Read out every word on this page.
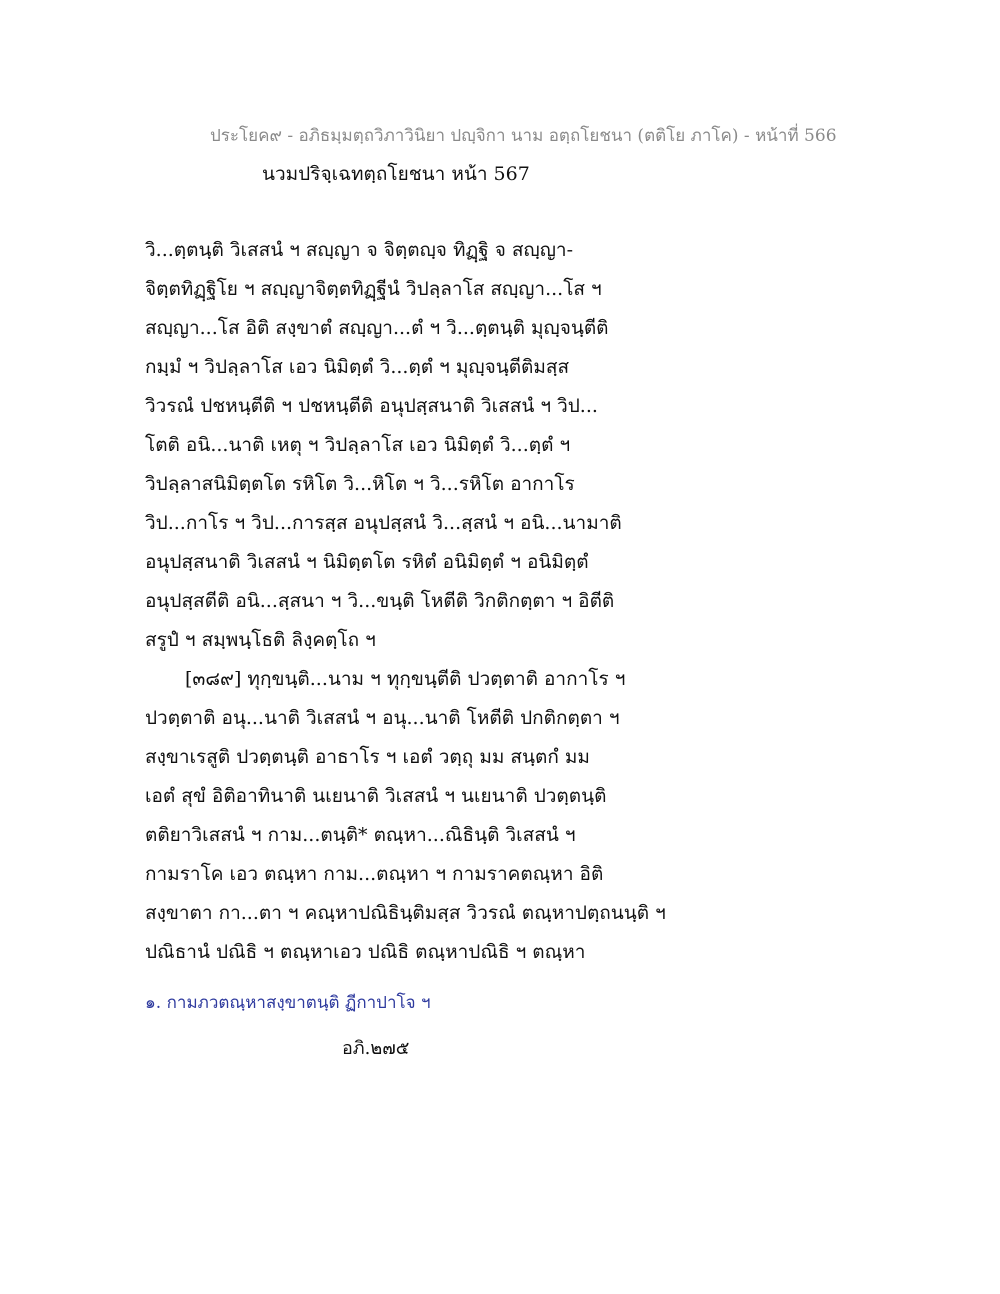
ประโยค๙ - อภิธมฺมตฺถวิภาวินิยา ปญฺจิกา นาม อตฺถโยชนา (ตติโย ภาโค) - หน้าที่ 566
นวมปริจฺเฉทตฺถโยชนา หน้า 567
วิ...ตฺตนฺติ วิเสสนํ ฯ สญฺญา จ จิตฺตญฺจ ทิฏฺฐิ จ สญฺญา-
จิตฺตทิฏฺฐิโย ฯ สญฺญาจิตฺตทิฏฺฐีนํ วิปลฺลาโส สญฺญา...โส ฯ
สญฺญา...โส อิติ สงฺขาตํ สญฺญา...ตํ ฯ วิ...ตฺตนฺติ มุญฺจนฺตีติ
กมฺมํ ฯ วิปลฺลาโส เอว นิมิตฺตํ วิ...ตฺตํ ฯ มุญฺจนฺตีติมสฺส
วิวรณํ ปชหนฺตีติ ฯ ปชหนฺตีติ อนุปสฺสนาติ วิเสสนํ ฯ วิป...
โตติ อนิ...นาติ เหตุ ฯ วิปลฺลาโส เอว นิมิตฺตํ วิ...ตฺตํ ฯ
วิปลฺลาสนิมิตฺตโต รหิโต วิ...หิโต ฯ วิ...รหิโต อากาโร
วิป...กาโร ฯ วิป...การสฺส อนุปสฺสนํ วิ...สฺสนํ ฯ อนิ...นามาติ
อนุปสฺสนาติ วิเสสนํ ฯ นิมิตฺตโต รหิตํ อนิมิตฺตํ ฯ อนิมิตฺตํ
อนุปสฺสตีติ อนิ...สฺสนา ฯ วิ...ขนฺติ โหตีติ วิกติกตฺตา ฯ อิตีติ
สรูปํ ฯ สมฺพนฺโธติ ลิงฺคตฺโถ ฯ
[๓๘๙] ทุกฺขนฺติ...นาม ฯ ทุกฺขนฺตีติ ปวตฺตาติ อากาโร ฯ
ปวตฺตาติ อนุ...นาติ วิเสสนํ ฯ อนุ...นาติ โหตีติ ปกติกตฺตา ฯ
สงฺขาเรสูติ ปวตฺตนฺติ อาธาโร ฯ เอตํ วตฺถุ มม สนฺตกํ มม
เอตํ สุขํ อิติอาทินาติ นเยนาติ วิเสสนํ ฯ นเยนาติ ปวตฺตนฺติ
ตติยาวิเสสนํ ฯ กาม...ตนฺติ* ตณฺหา...ณิธินฺติ วิเสสนํ ฯ
กามราโค เอว ตณฺหา กาม...ตณฺหา ฯ กามราคตณฺหา อิติ
สงฺขาตา กา...ตา ฯ คณฺหาปณิธินฺติมสฺส วิวรณํ ตณฺหาปตฺถนนฺติ ฯ
ปณิธานํ ปณิธิ ฯ ตณฺหาเอว ปณิธิ ตณฺหาปณิธิ ฯ ตณฺหา
๑. กามภวตณฺหาสงฺขาตนฺติ ฏีกาปาโจ ฯ
อภิ.๒๗๕
